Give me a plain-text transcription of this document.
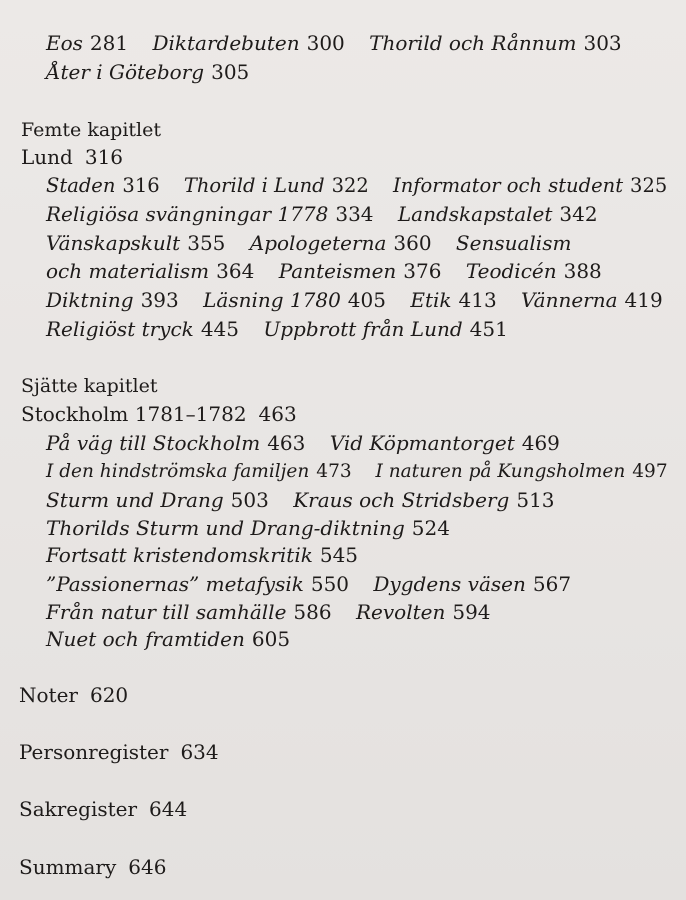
Eos 281 Diktardebuten 300 Thorild och Rånnum 303
Åter i Göteborg 305
Femte kapitlet
Lund 316
Staden 316 Thorild i Lund 322 Informator och student 325
Religiösa svängningar 1778 334 Landskapstalet 342
Vänskapskult 355 Apologeterna 360 Sensualism
och materialism 364 Panteismen 376 Teodicén 388
Diktning 393 Läsning 1780 405 Etik 413 Vännerna 419
Religiöst tryck 445 Uppbrott från Lund 451
Sjätte kapitlet
Stockholm 1781–1782 463
På väg till Stockholm 463 Vid Köpmantorget 469
I den hindströmska familjen 473 I naturen på Kungsholmen 497
Sturm und Drang 503 Kraus och Stridsberg 513
Thorilds Sturm und Drang-diktning 524
Fortsatt kristendomskritik 545
”Passionernas” metafysik 550 Dygdens väsen 567
Från natur till samhälle 586 Revolten 594
Nuet och framtiden 605
Noter 620
Personregister 634
Sakregister 644
Summary 646
